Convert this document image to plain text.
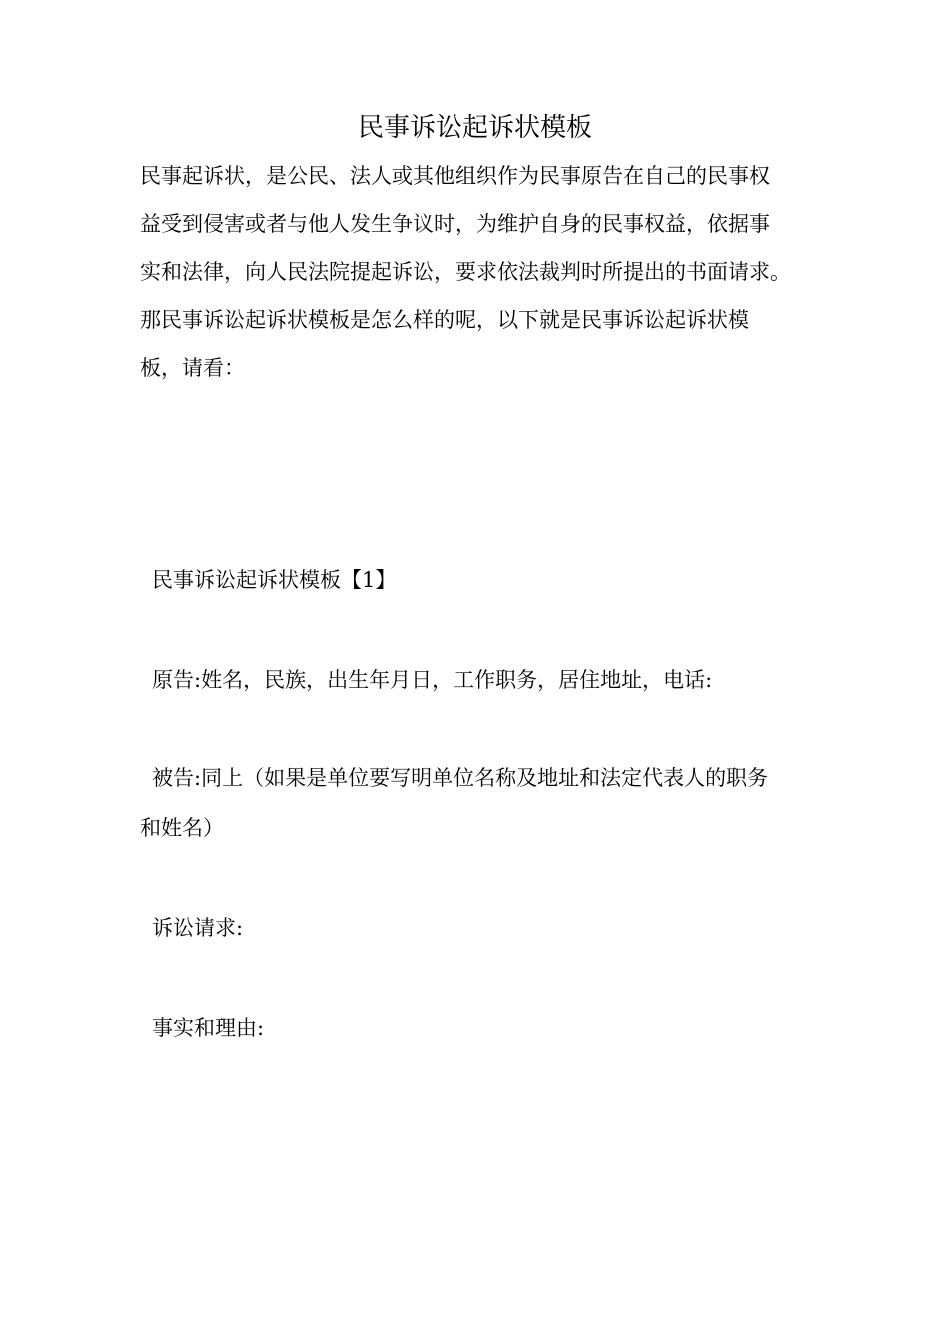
民事诉讼起诉状模板
民事起诉状，是公民、法人或其他组织作为民事原告在自己的民事权
益受到侵害或者与他人发生争议时，为维护自身的民事权益，依据事
实和法律，向人民法院提起诉讼，要求依法裁判时所提出的书面请求。
那民事诉讼起诉状模板是怎么样的呢，以下就是民事诉讼起诉状模
板，请看：

民事诉讼起诉状模板【1】

原告:姓名，民族，出生年月日，工作职务，居住地址，电话:

被告:同上（如果是单位要写明单位名称及地址和法定代表人的职务

和姓名）

诉讼请求:

事实和理由:
